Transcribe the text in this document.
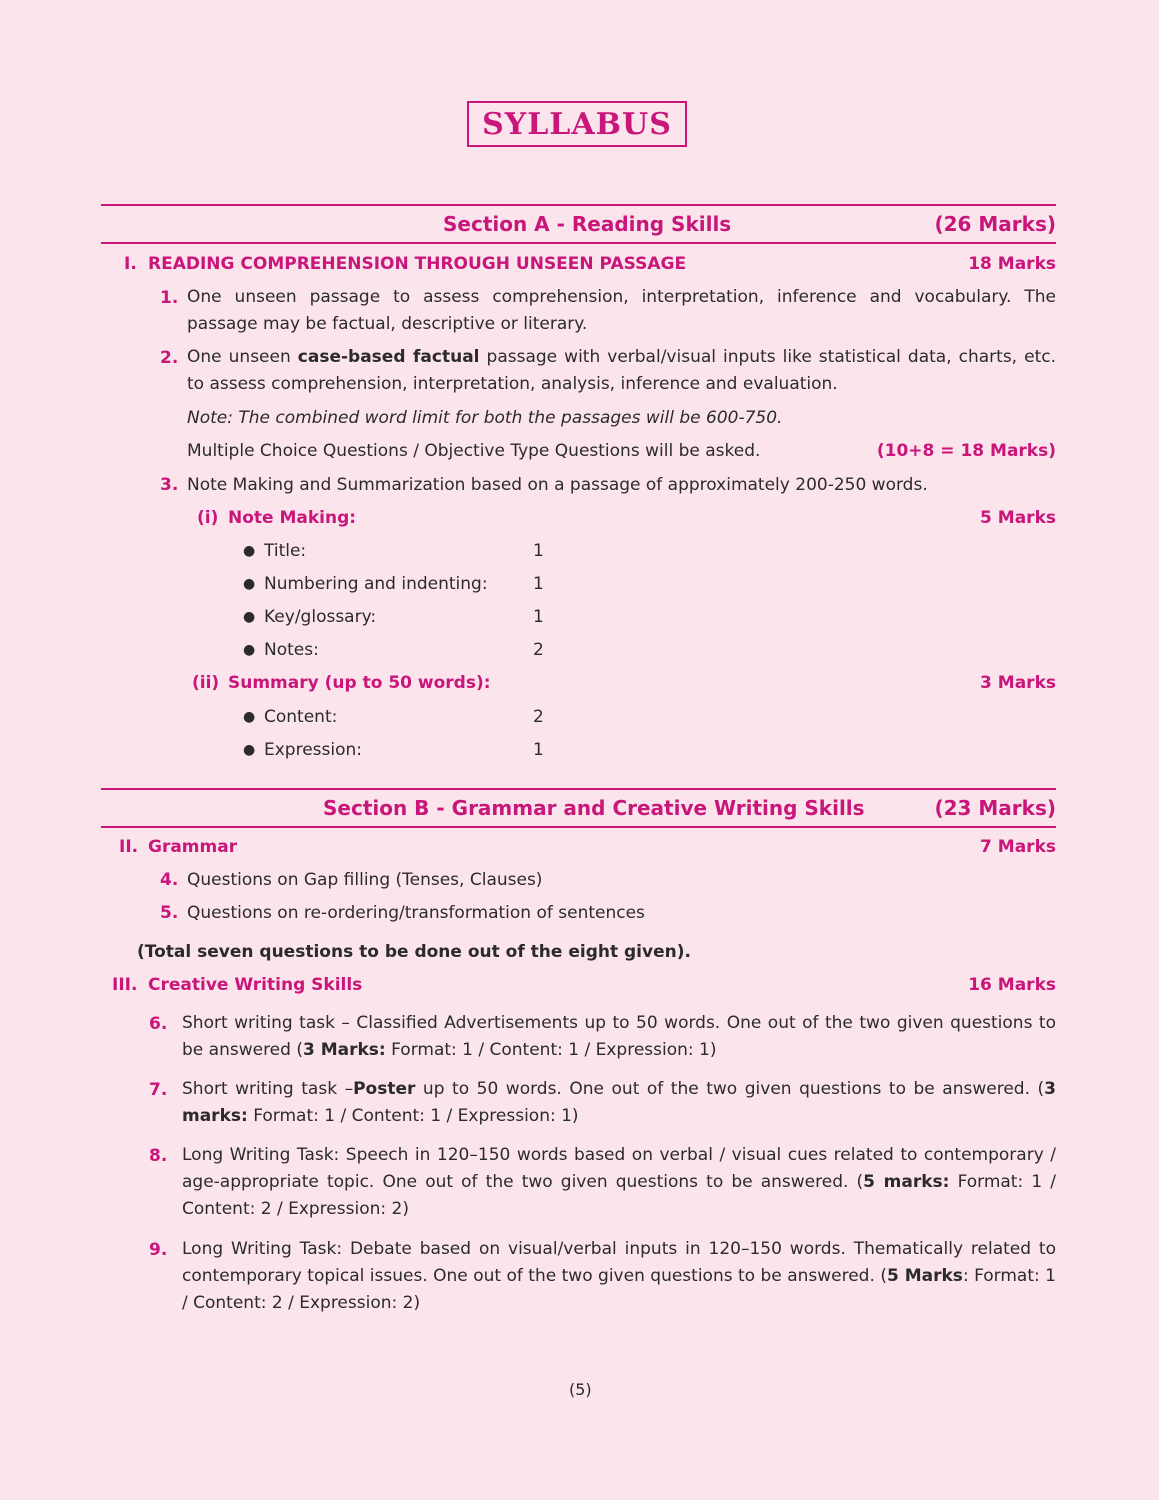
SYLLABUS
Section A - Reading Skills	(26 Marks)
I. READING COMPREHENSION THROUGH UNSEEN PASSAGE	18 Marks
1. One unseen passage to assess comprehension, interpretation, inference and vocabulary. The passage may be factual, descriptive or literary.
2. One unseen case-based factual passage with verbal/visual inputs like statistical data, charts, etc. to assess comprehension, interpretation, analysis, inference and evaluation.
Note: The combined word limit for both the passages will be 600-750.
Multiple Choice Questions / Objective Type Questions will be asked.	(10+8 = 18 Marks)
3. Note Making and Summarization based on a passage of approximately 200-250 words.
(i) Note Making:	5 Marks
● Title:	1
● Numbering and indenting:	1
● Key/glossary:	1
● Notes:	2
(ii) Summary (up to 50 words):	3 Marks
● Content:	2
● Expression:	1
Section B - Grammar and Creative Writing Skills	(23 Marks)
II. Grammar	7 Marks
4. Questions on Gap filling (Tenses, Clauses)
5. Questions on re-ordering/transformation of sentences
(Total seven questions to be done out of the eight given).
III. Creative Writing Skills	16 Marks
6. Short writing task – Classified Advertisements up to 50 words. One out of the two given questions to be answered (3 Marks: Format: 1 / Content: 1 / Expression: 1)
7. Short writing task –Poster up to 50 words. One out of the two given questions to be answered. (3 marks: Format: 1 / Content: 1 / Expression: 1)
8. Long Writing Task: Speech in 120–150 words based on verbal / visual cues related to contemporary / age-appropriate topic. One out of the two given questions to be answered. (5 marks: Format: 1 / Content: 2 / Expression: 2)
9. Long Writing Task: Debate based on visual/verbal inputs in 120–150 words. Thematically related to contemporary topical issues. One out of the two given questions to be answered. (5 Marks: Format: 1 / Content: 2 / Expression: 2)
(5)
